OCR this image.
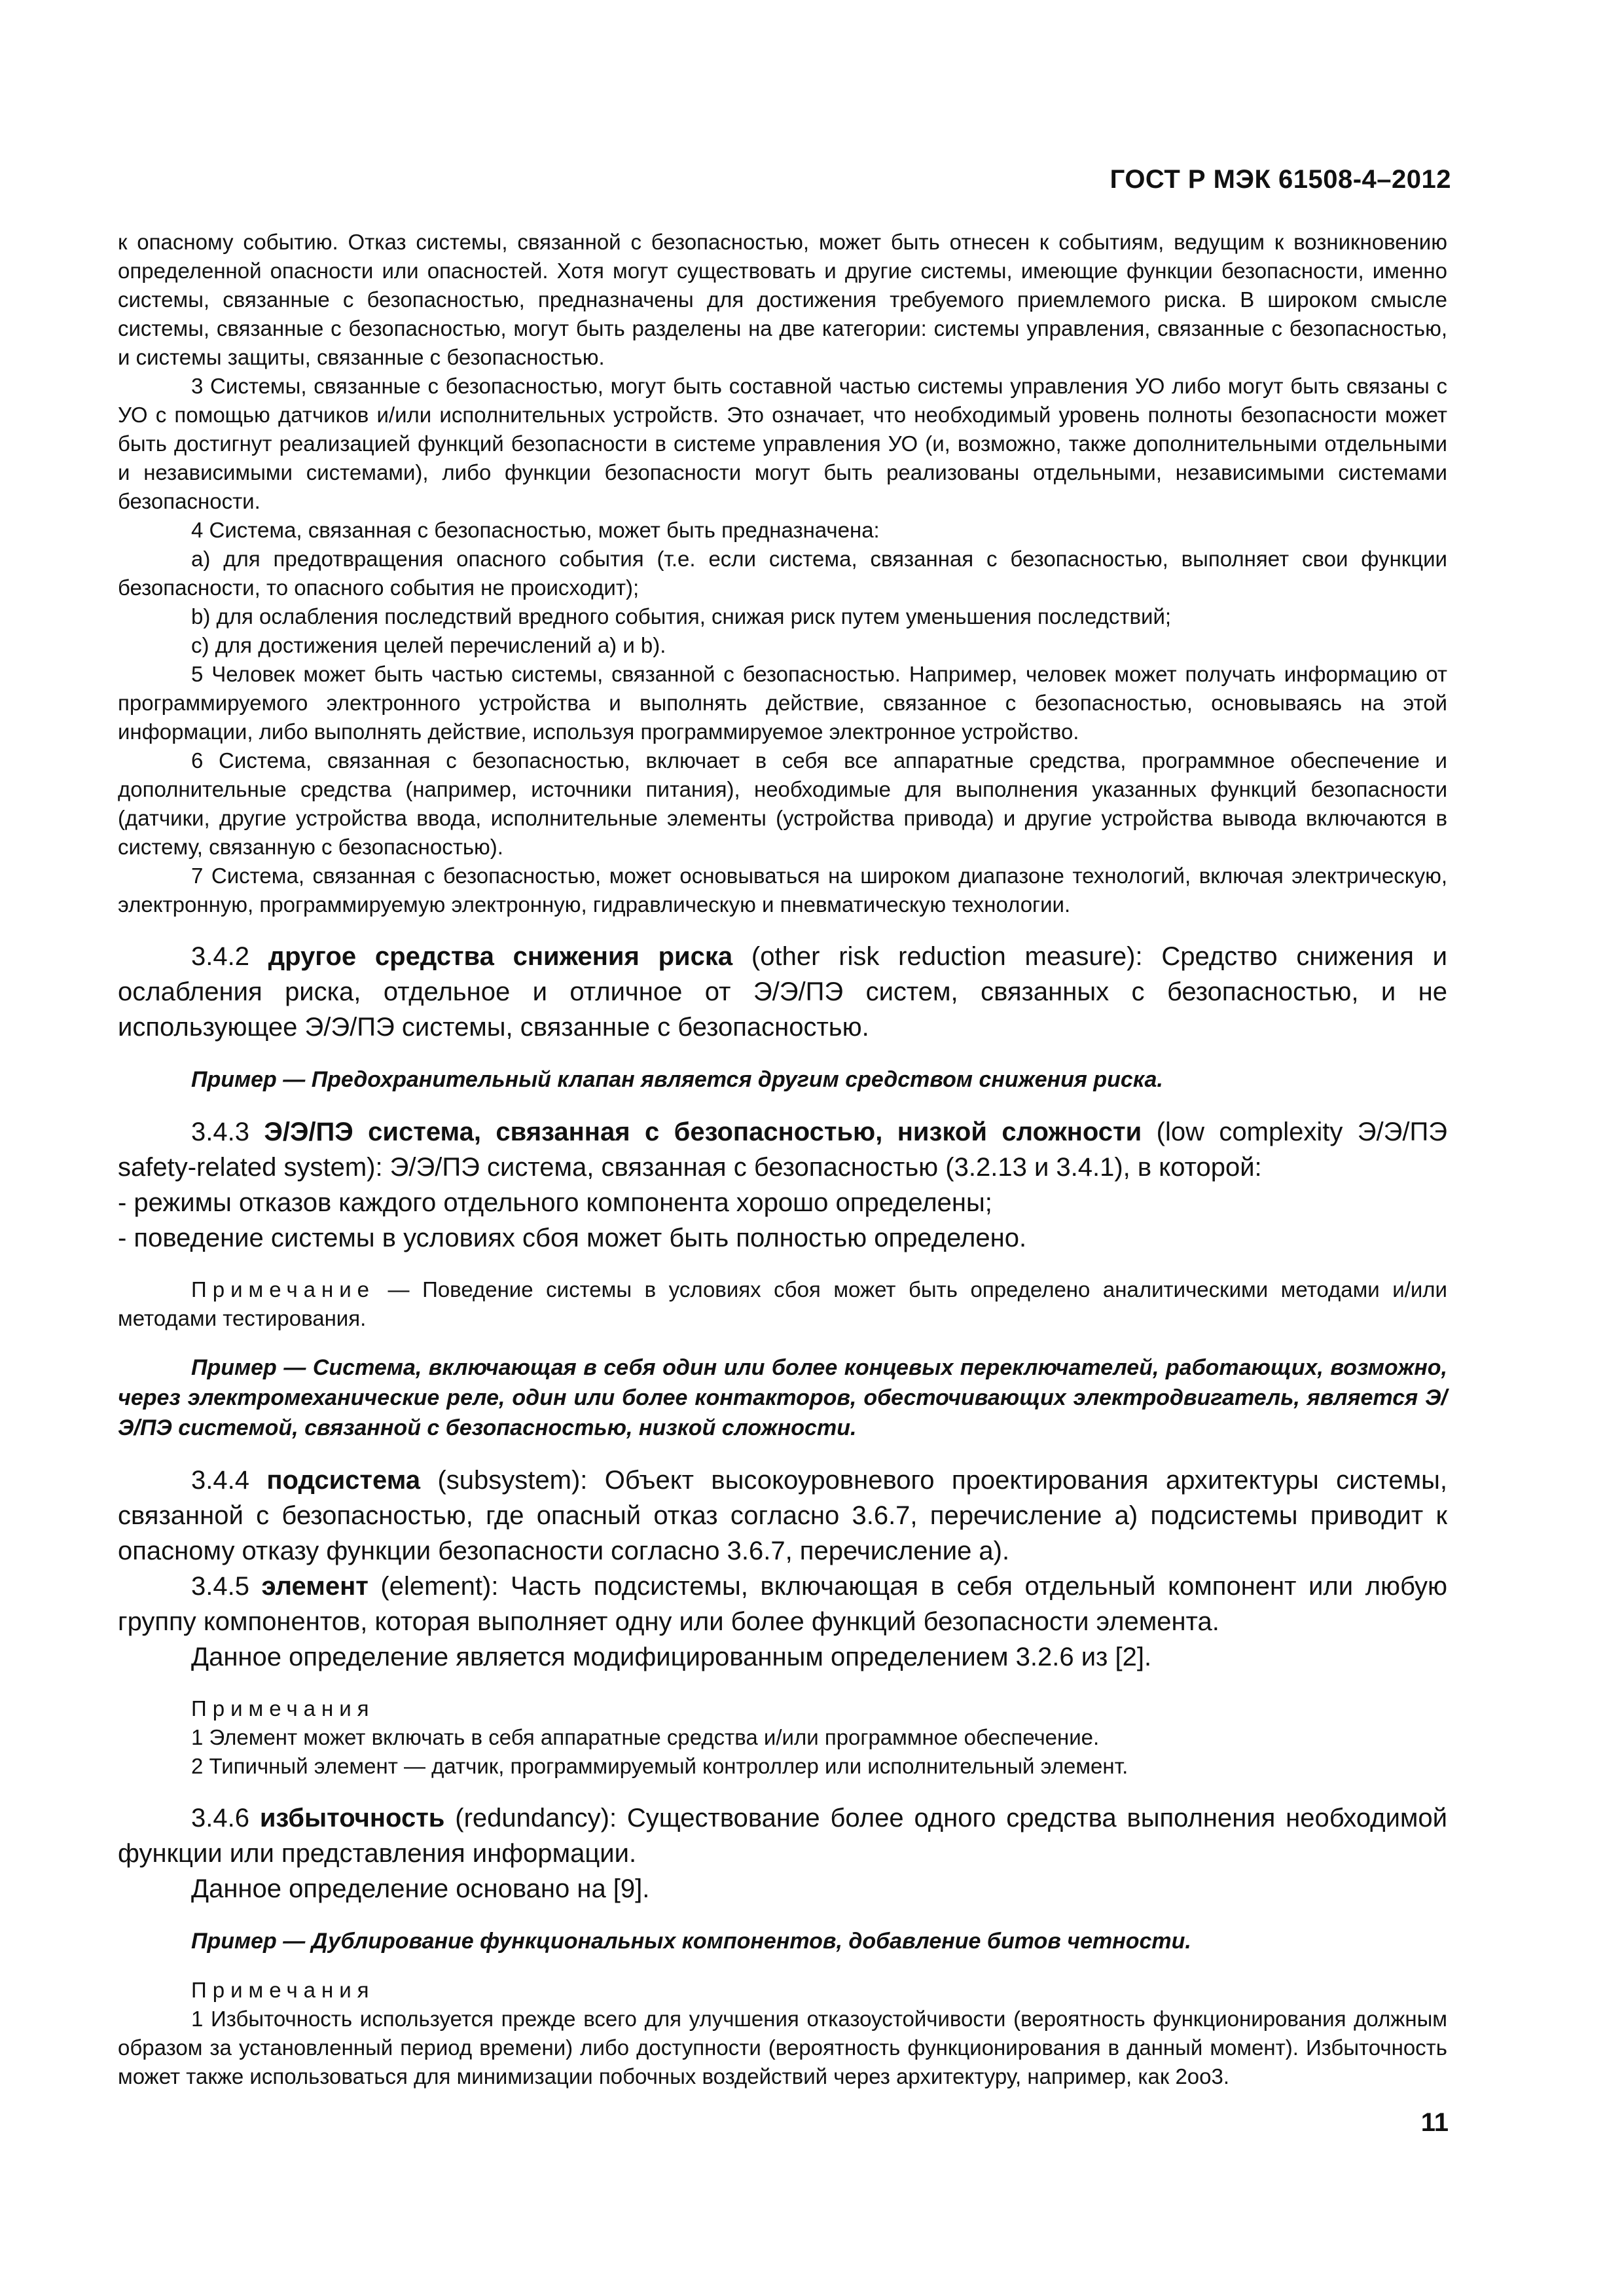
ГОСТ Р МЭК 61508-4–2012

к опасному событию. Отказ системы, связанной с безопасностью, может быть отнесен к событиям, ведущим к возникновению определенной опасности или опасностей. Хотя могут существовать и другие системы, имеющие функции безопасности, именно системы, связанные с безопасностью, предназначены для достижения требуемого приемлемого риска. В широком смысле системы, связанные с безопасностью, могут быть разделены на две категории: системы управления, связанные с безопасностью, и системы защиты, связанные с безопасностью.

3 Системы, связанные с безопасностью, могут быть составной частью системы управления УО либо могут быть связаны с УО с помощью датчиков и/или исполнительных устройств. Это означает, что необходимый уровень полноты безопасности может быть достигнут реализацией функций безопасности в системе управления УО (и, возможно, также дополнительными отдельными и независимыми системами), либо функции безопасности могут быть реализованы отдельными, независимыми системами безопасности.

4 Система, связанная с безопасностью, может быть предназначена:

a) для предотвращения опасного события (т.е. если система, связанная с безопасностью, выполняет свои функции безопасности, то опасного события не происходит);

b) для ослабления последствий вредного события, снижая риск путем уменьшения последствий;

c) для достижения целей перечислений a) и b).

5 Человек может быть частью системы, связанной с безопасностью. Например, человек может получать информацию от программируемого электронного устройства и выполнять действие, связанное с безопасностью, основываясь на этой информации, либо выполнять действие, используя программируемое электронное устройство.

6 Система, связанная с безопасностью, включает в себя все аппаратные средства, программное обеспечение и дополнительные средства (например, источники питания), необходимые для выполнения указанных функций безопасности (датчики, другие устройства ввода, исполнительные элементы (устройства привода) и другие устройства вывода включаются в систему, связанную с безопасностью).

7 Система, связанная с безопасностью, может основываться на широком диапазоне технологий, включая электрическую, электронную, программируемую электронную, гидравлическую и пневматическую технологии.

3.4.2 другое средства снижения риска (other risk reduction measure): Средство снижения и ослабления риска, отдельное и отличное от Э/Э/ПЭ систем, связанных с безопасностью, и не использующее Э/Э/ПЭ системы, связанные с безопасностью.

Пример — Предохранительный клапан является другим средством снижения риска.

3.4.3 Э/Э/ПЭ система, связанная с безопасностью, низкой сложности (low complexity Э/Э/ПЭ safety-related system): Э/Э/ПЭ система, связанная с безопасностью (3.2.13 и 3.4.1), в которой:

- режимы отказов каждого отдельного компонента хорошо определены;

- поведение системы в условиях сбоя может быть полностью определено.

Примечание — Поведение системы в условиях сбоя может быть определено аналитическими методами и/или методами тестирования.

Пример — Система, включающая в себя один или более концевых переключателей, работающих, возможно, через электромеханические реле, один или более контакторов, обесточивающих электродвигатель, является Э/Э/ПЭ системой, связанной с безопасностью, низкой сложности.

3.4.4 подсистема (subsystem): Объект высокоуровневого проектирования архитектуры системы, связанной с безопасностью, где опасный отказ согласно 3.6.7, перечисление a) подсистемы приводит к опасному отказу функции безопасности согласно 3.6.7, перечисление a).

3.4.5 элемент (element): Часть подсистемы, включающая в себя отдельный компонент или любую группу компонентов, которая выполняет одну или более функций безопасности элемента.

Данное определение является модифицированным определением 3.2.6 из [2].

Примечания

1 Элемент может включать в себя аппаратные средства и/или программное обеспечение.

2 Типичный элемент — датчик, программируемый контроллер или исполнительный элемент.

3.4.6 избыточность (redundancy): Существование более одного средства выполнения необходимой функции или представления информации.

Данное определение основано на [9].

Пример — Дублирование функциональных компонентов, добавление битов четности.

Примечания

1 Избыточность используется прежде всего для улучшения отказоустойчивости (вероятность функционирования должным образом за установленный период времени) либо доступности (вероятность функционирования в данный момент). Избыточность может также использоваться для минимизации побочных воздействий через архитектуру, например, как 2oo3.

11
